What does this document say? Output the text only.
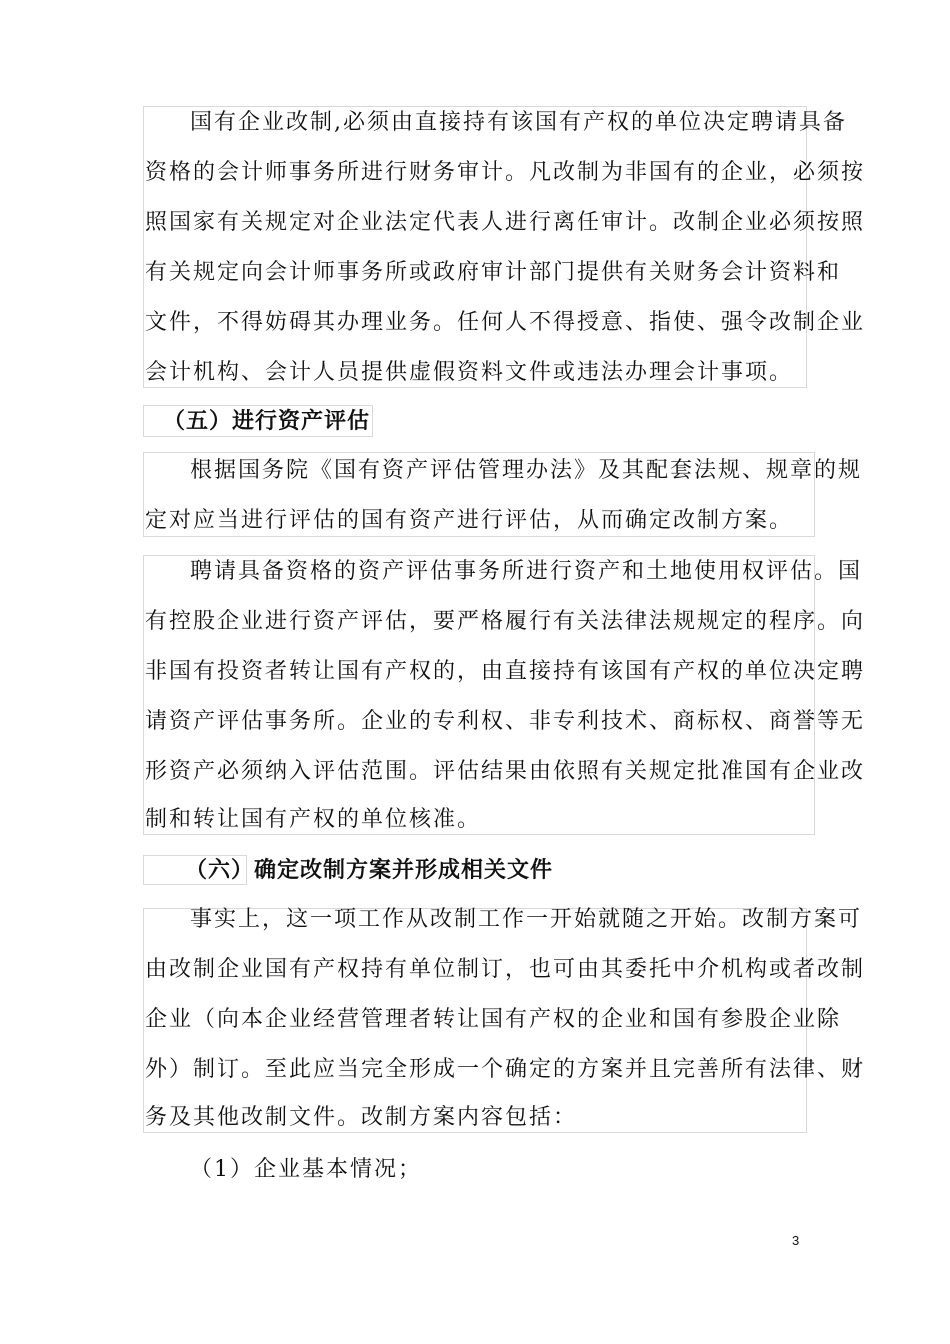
国有企业改制,必须由直接持有该国有产权的单位决定聘请具备
资格的会计师事务所进行财务审计。凡改制为非国有的企业，必须按
照国家有关规定对企业法定代表人进行离任审计。改制企业必须按照
有关规定向会计师事务所或政府审计部门提供有关财务会计资料和
文件，不得妨碍其办理业务。任何人不得授意、指使、强令改制企业
会计机构、会计人员提供虚假资料文件或违法办理会计事项。
（五）进行资产评估
根据国务院《国有资产评估管理办法》及其配套法规、规章的规
定对应当进行评估的国有资产进行评估，从而确定改制方案。
聘请具备资格的资产评估事务所进行资产和土地使用权评估。国
有控股企业进行资产评估，要严格履行有关法律法规规定的程序。向
非国有投资者转让国有产权的，由直接持有该国有产权的单位决定聘
请资产评估事务所。企业的专利权、非专利技术、商标权、商誉等无
形资产必须纳入评估范围。评估结果由依照有关规定批准国有企业改
制和转让国有产权的单位核准。
（六）确定改制方案并形成相关文件
事实上，这一项工作从改制工作一开始就随之开始。改制方案可
由改制企业国有产权持有单位制订，也可由其委托中介机构或者改制
企业（向本企业经营管理者转让国有产权的企业和国有参股企业除
外）制订。至此应当完全形成一个确定的方案并且完善所有法律、财
务及其他改制文件。改制方案内容包括：
（1）企业基本情况；
3
